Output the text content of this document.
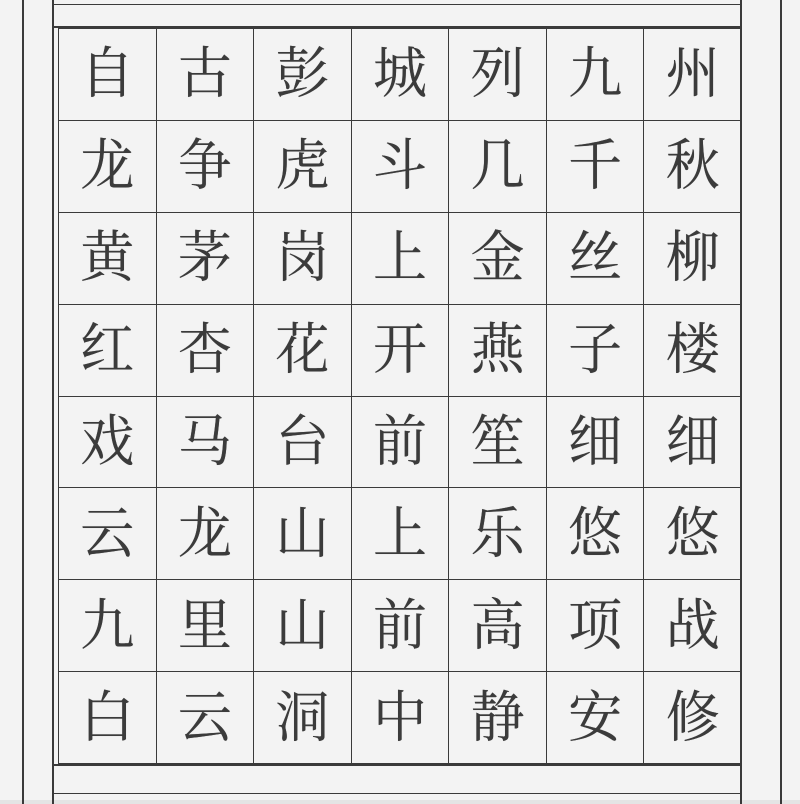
自 古 彭 城 列 九 州
龙 争 虎 斗 几 千 秋
黄 茅 岗 上 金 丝 柳
红 杏 花 开 燕 子 楼
戏 马 台 前 笙 细 细
云 龙 山 上 乐 悠 悠
九 里 山 前 高 项 战
白 云 洞 中 静 安 修
